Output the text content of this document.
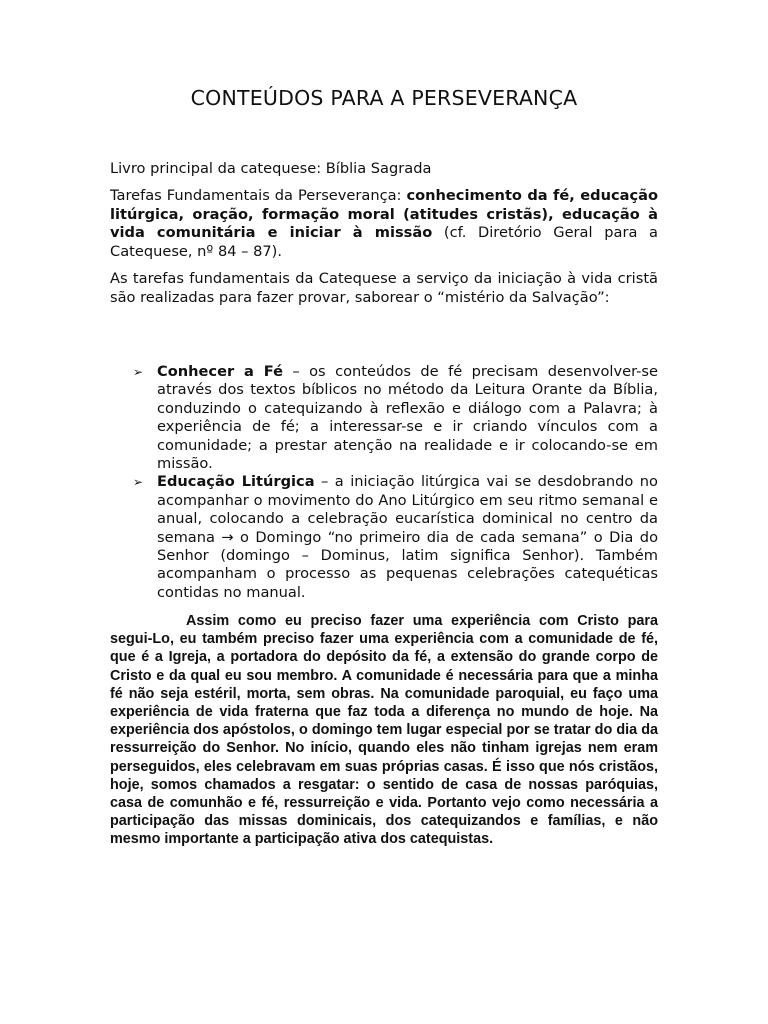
CONTEÚDOS PARA A PERSEVERANÇA

Livro principal da catequese: Bíblia Sagrada

Tarefas Fundamentais da Perseverança: conhecimento da fé, educação litúrgica, oração, formação moral (atitudes cristãs), educação à vida comunitária e iniciar à missão (cf. Diretório Geral para a Catequese, nº 84 – 87).

As tarefas fundamentais da Catequese a serviço da iniciação à vida cristã são realizadas para fazer provar, saborear o “mistério da Salvação”:

➢ Conhecer a Fé – os conteúdos de fé precisam desenvolver-se através dos textos bíblicos no método da Leitura Orante da Bíblia, conduzindo o catequizando à reflexão e diálogo com a Palavra; à experiência de fé; a interessar-se e ir criando vínculos com a comunidade; a prestar atenção na realidade e ir colocando-se em missão.
➢ Educação Litúrgica – a iniciação litúrgica vai se desdobrando no acompanhar o movimento do Ano Litúrgico em seu ritmo semanal e anual, colocando a celebração eucarística dominical no centro da semana → o Domingo “no primeiro dia de cada semana” o Dia do Senhor (domingo – Dominus, latim significa Senhor). Também acompanham o processo as pequenas celebrações catequéticas contidas no manual.

Assim como eu preciso fazer uma experiência com Cristo para segui-Lo, eu também preciso fazer uma experiência com a comunidade de fé, que é a Igreja, a portadora do depósito da fé, a extensão do grande corpo de Cristo e da qual eu sou membro. A comunidade é necessária para que a minha fé não seja estéril, morta, sem obras. Na comunidade paroquial, eu faço uma experiência de vida fraterna que faz toda a diferença no mundo de hoje. Na experiência dos apóstolos, o domingo tem lugar especial por se tratar do dia da ressurreição do Senhor. No início, quando eles não tinham igrejas nem eram perseguidos, eles celebravam em suas próprias casas. É isso que nós cristãos, hoje, somos chamados a resgatar: o sentido de casa de nossas paróquias, casa de comunhão e fé, ressurreição e vida. Portanto vejo como necessária a participação das missas dominicais, dos catequizandos e famílias, e não mesmo importante a participação ativa dos catequistas.
